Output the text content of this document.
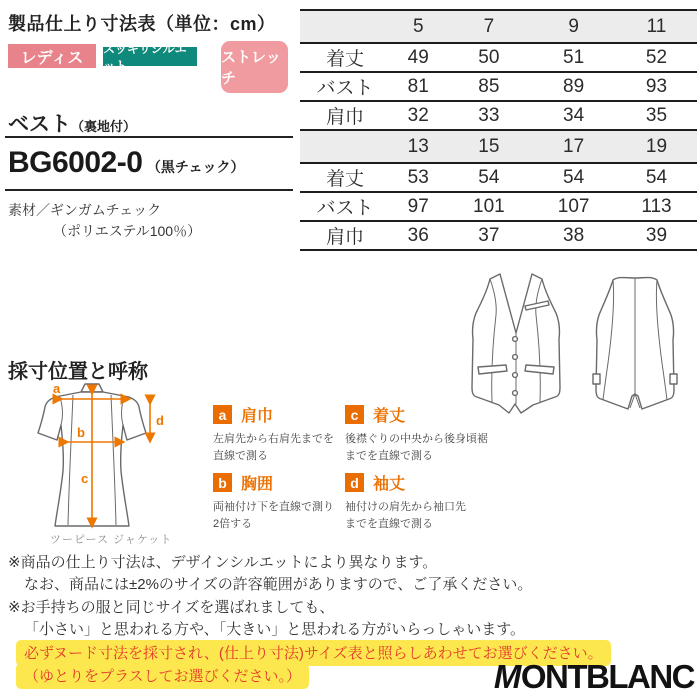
製品仕上り寸法表（単位：cm）
レディス
スッキリシルエット	ストレッチ
ベスト（裏地付）
BG6002-0 （黒チェック）
素材／ギンガムチェック
（ポリエステル100％）
	5	7	9	11
着丈	49	50	51	52
バスト	81	85	89	93
肩巾	32	33	34	35
	13	15	17	19
着丈	53	54	54	54
バスト	97	101	107	113
肩巾	36	37	38	39
採寸位置と呼称
a
b
c
d
ツーピース ジャケット
a 肩巾
左肩先から右肩先までを
直線で測る
c 着丈
後襟ぐりの中央から後身頃裾
までを直線で測る
b 胸囲
両袖付け下を直線で測り
2倍する
d 袖丈
袖付けの肩先から袖口先
までを直線で測る
※商品の仕上り寸法は、デザインシルエットにより異なります。
なお、商品には±2%のサイズの許容範囲がありますので、ご了承ください。
※お手持ちの服と同じサイズを選ばれましても、
「小さい」と思われる方や、「大きい」と思われる方がいらっしゃいます。
必ずヌード寸法を採寸され、(仕上り寸法)サイズ表と照らしあわせてお選びください。
（ゆとりをプラスしてお選びください。）	MONTBLANC
